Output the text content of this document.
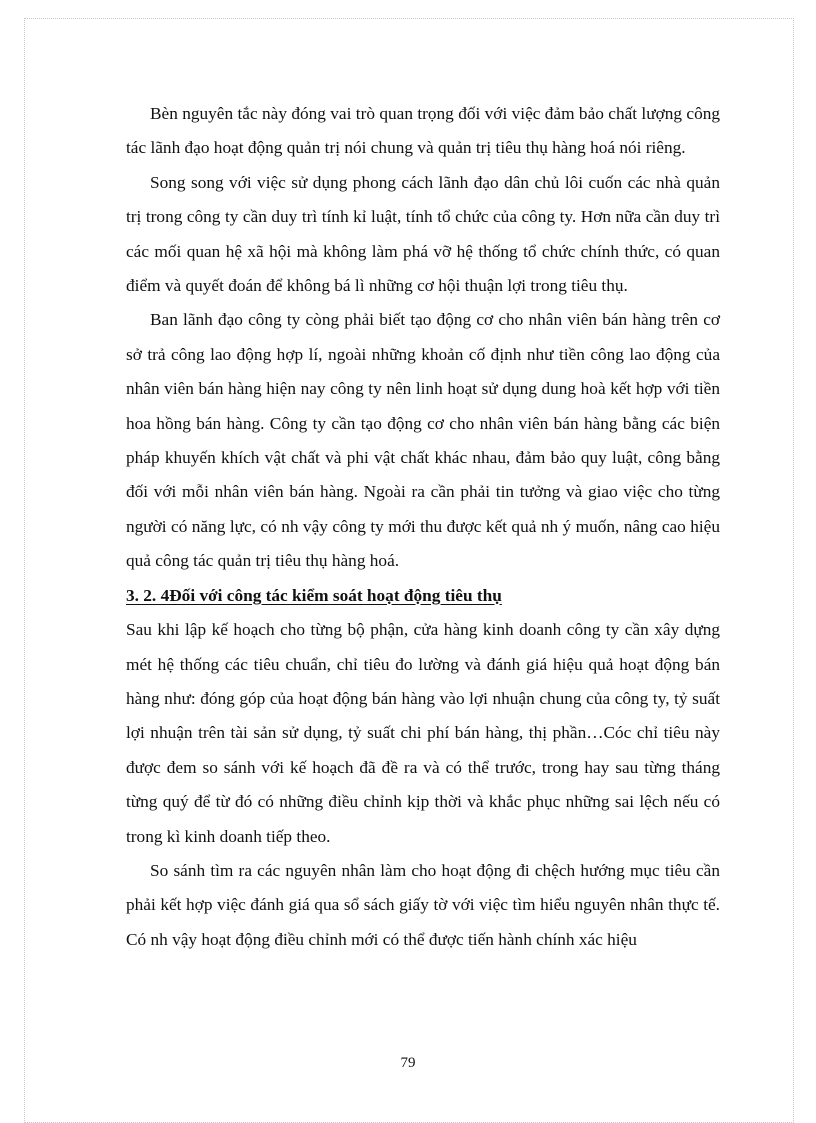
Bèn nguyên tắc này đóng vai trò quan trọng đối với việc đảm bảo chất lượng công tác lãnh đạo hoạt động quản trị nói chung và quản trị tiêu thụ hàng hoá nói riêng.

Song song với việc sử dụng phong cách lãnh đạo dân chủ lôi cuốn các nhà quản trị trong công ty cần duy trì tính kỉ luật, tính tổ chức của công ty. Hơn nữa cần duy trì các mối quan hệ xã hội mà không làm phá vỡ hệ thống tổ chức chính thức, có quan điểm và quyết đoán để không bá lì những cơ hội thuận lợi trong tiêu thụ.

Ban lãnh đạo công ty còng phải biết tạo động cơ cho nhân viên bán hàng trên cơ sở trả công lao động hợp lí, ngoài những khoản cố định như tiền công lao động của nhân viên bán hàng hiện nay công ty nên linh hoạt sử dụng dung hoà kết hợp với tiền hoa hồng bán hàng. Công ty cần tạo động cơ cho nhân viên bán hàng bằng các biện pháp khuyến khích vật chất và phi vật chất khác nhau, đảm bảo quy luật, công bằng đối với mỗi nhân viên bán hàng. Ngoài ra cần phải tin tưởng và giao việc cho từng người có năng lực, có nh vậy công ty mới thu được kết quả nh ý muốn, nâng cao hiệu quả công tác quản trị tiêu thụ hàng hoá.

3. 2. 4Đối với công tác kiểm soát hoạt động tiêu thụ

Sau khi lập kế hoạch cho từng bộ phận, cửa hàng kinh doanh công ty cần xây dựng mét hệ thống các tiêu chuẩn, chỉ tiêu đo lường và đánh giá hiệu quả hoạt động bán hàng như: đóng góp của hoạt động bán hàng vào lợi nhuận chung của công ty, tỷ suất lợi nhuận trên tài sản sử dụng, tỷ suất chi phí bán hàng, thị phần…Cóc chỉ tiêu này được đem so sánh với kế hoạch đã đề ra và có thể trước, trong hay sau từng tháng từng quý để từ đó có những điều chỉnh kịp thời và khắc phục những sai lệch nếu có trong kì kinh doanh tiếp theo.

So sánh tìm ra các nguyên nhân làm cho hoạt động đi chệch hướng mục tiêu cần phải kết hợp việc đánh giá qua sổ sách giấy tờ với việc tìm hiểu nguyên nhân thực tế. Có nh vậy hoạt động điều chỉnh mới có thể được tiến hành chính xác hiệu

79
